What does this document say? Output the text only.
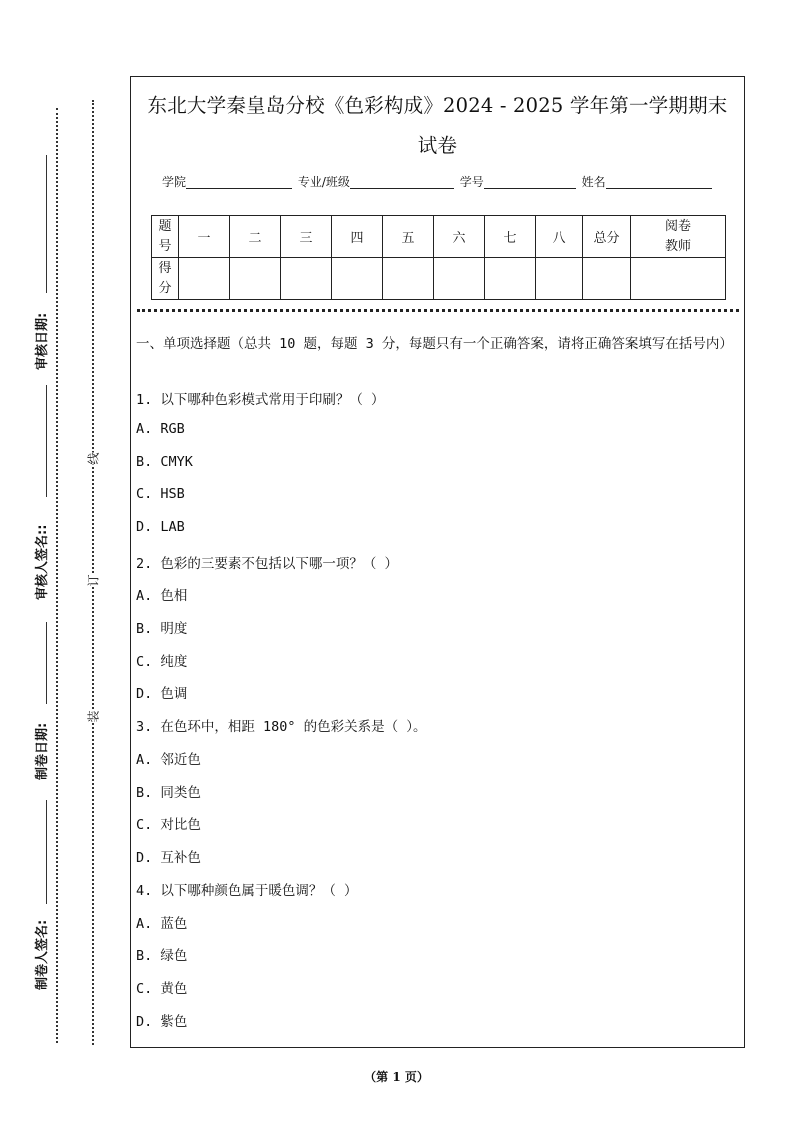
审核日期:
审核人签名::
制卷日期:
制卷人签名:
线
订
装
东北大学秦皇岛分校《色彩构成》2024 - 2025 学年第一学期期末
试卷
学院	专业/班级	学号	姓名
题号	一	二	三	四	五	六	七	八	总分	阅卷教师
得分										
一、单项选择题（总共 10 题，每题 3 分，每题只有一个正确答案，请将正确答案填写在括号内）
1. 以下哪种色彩模式常用于印刷？（ ）
A. RGB
B. CMYK
C. HSB
D. LAB
2. 色彩的三要素不包括以下哪一项？（ ）
A. 色相
B. 明度
C. 纯度
D. 色调
3. 在色环中，相距 180° 的色彩关系是（ ）。
A. 邻近色
B. 同类色
C. 对比色
D. 互补色
4. 以下哪种颜色属于暖色调？（ ）
A. 蓝色
B. 绿色
C. 黄色
D. 紫色
（第 1 页）
